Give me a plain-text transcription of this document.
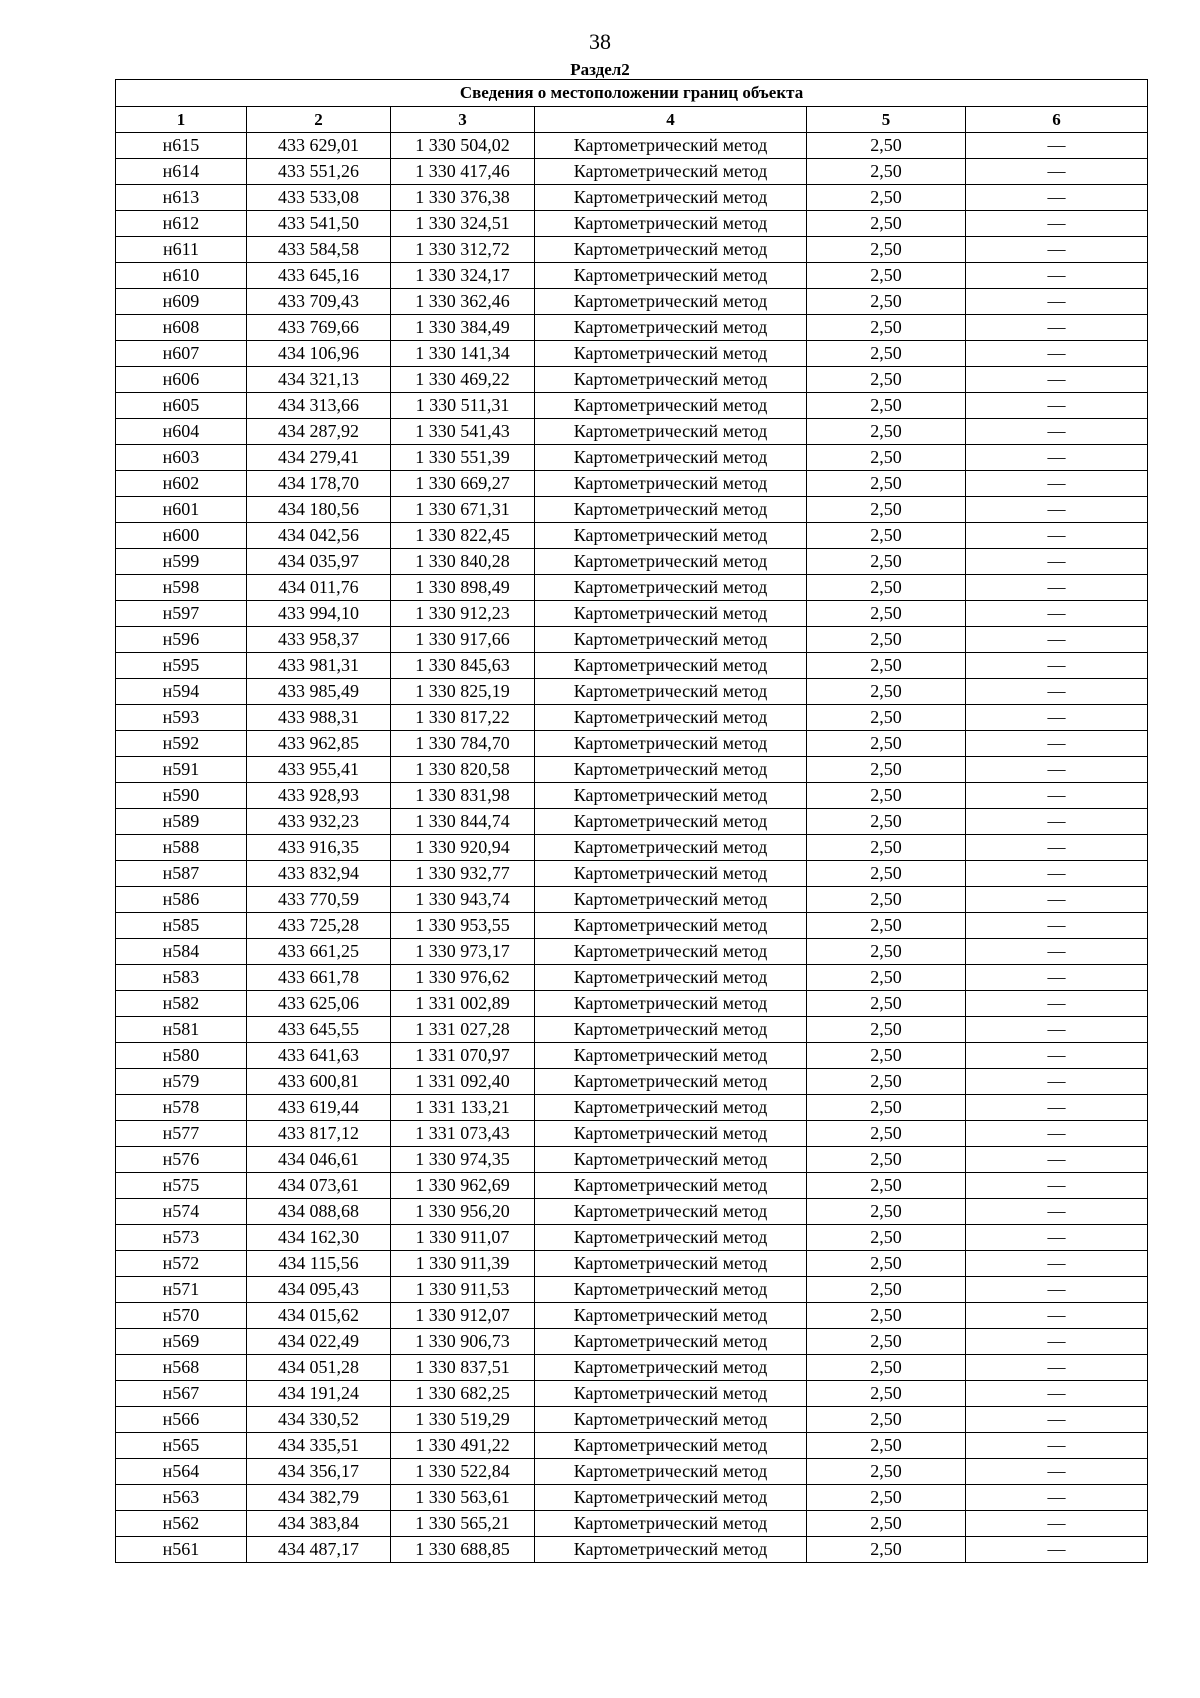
38
Раздел2
Сведения о местоположении границ объекта					
1	2	3	4	5	6
н615	433 629,01	1 330 504,02	Картометрический метод	2,50	—
н614	433 551,26	1 330 417,46	Картометрический метод	2,50	—
н613	433 533,08	1 330 376,38	Картометрический метод	2,50	—
н612	433 541,50	1 330 324,51	Картометрический метод	2,50	—
н611	433 584,58	1 330 312,72	Картометрический метод	2,50	—
н610	433 645,16	1 330 324,17	Картометрический метод	2,50	—
н609	433 709,43	1 330 362,46	Картометрический метод	2,50	—
н608	433 769,66	1 330 384,49	Картометрический метод	2,50	—
н607	434 106,96	1 330 141,34	Картометрический метод	2,50	—
н606	434 321,13	1 330 469,22	Картометрический метод	2,50	—
н605	434 313,66	1 330 511,31	Картометрический метод	2,50	—
н604	434 287,92	1 330 541,43	Картометрический метод	2,50	—
н603	434 279,41	1 330 551,39	Картометрический метод	2,50	—
н602	434 178,70	1 330 669,27	Картометрический метод	2,50	—
н601	434 180,56	1 330 671,31	Картометрический метод	2,50	—
н600	434 042,56	1 330 822,45	Картометрический метод	2,50	—
н599	434 035,97	1 330 840,28	Картометрический метод	2,50	—
н598	434 011,76	1 330 898,49	Картометрический метод	2,50	—
н597	433 994,10	1 330 912,23	Картометрический метод	2,50	—
н596	433 958,37	1 330 917,66	Картометрический метод	2,50	—
н595	433 981,31	1 330 845,63	Картометрический метод	2,50	—
н594	433 985,49	1 330 825,19	Картометрический метод	2,50	—
н593	433 988,31	1 330 817,22	Картометрический метод	2,50	—
н592	433 962,85	1 330 784,70	Картометрический метод	2,50	—
н591	433 955,41	1 330 820,58	Картометрический метод	2,50	—
н590	433 928,93	1 330 831,98	Картометрический метод	2,50	—
н589	433 932,23	1 330 844,74	Картометрический метод	2,50	—
н588	433 916,35	1 330 920,94	Картометрический метод	2,50	—
н587	433 832,94	1 330 932,77	Картометрический метод	2,50	—
н586	433 770,59	1 330 943,74	Картометрический метод	2,50	—
н585	433 725,28	1 330 953,55	Картометрический метод	2,50	—
н584	433 661,25	1 330 973,17	Картометрический метод	2,50	—
н583	433 661,78	1 330 976,62	Картометрический метод	2,50	—
н582	433 625,06	1 331 002,89	Картометрический метод	2,50	—
н581	433 645,55	1 331 027,28	Картометрический метод	2,50	—
н580	433 641,63	1 331 070,97	Картометрический метод	2,50	—
н579	433 600,81	1 331 092,40	Картометрический метод	2,50	—
н578	433 619,44	1 331 133,21	Картометрический метод	2,50	—
н577	433 817,12	1 331 073,43	Картометрический метод	2,50	—
н576	434 046,61	1 330 974,35	Картометрический метод	2,50	—
н575	434 073,61	1 330 962,69	Картометрический метод	2,50	—
н574	434 088,68	1 330 956,20	Картометрический метод	2,50	—
н573	434 162,30	1 330 911,07	Картометрический метод	2,50	—
н572	434 115,56	1 330 911,39	Картометрический метод	2,50	—
н571	434 095,43	1 330 911,53	Картометрический метод	2,50	—
н570	434 015,62	1 330 912,07	Картометрический метод	2,50	—
н569	434 022,49	1 330 906,73	Картометрический метод	2,50	—
н568	434 051,28	1 330 837,51	Картометрический метод	2,50	—
н567	434 191,24	1 330 682,25	Картометрический метод	2,50	—
н566	434 330,52	1 330 519,29	Картометрический метод	2,50	—
н565	434 335,51	1 330 491,22	Картометрический метод	2,50	—
н564	434 356,17	1 330 522,84	Картометрический метод	2,50	—
н563	434 382,79	1 330 563,61	Картометрический метод	2,50	—
н562	434 383,84	1 330 565,21	Картометрический метод	2,50	—
н561	434 487,17	1 330 688,85	Картометрический метод	2,50	—
